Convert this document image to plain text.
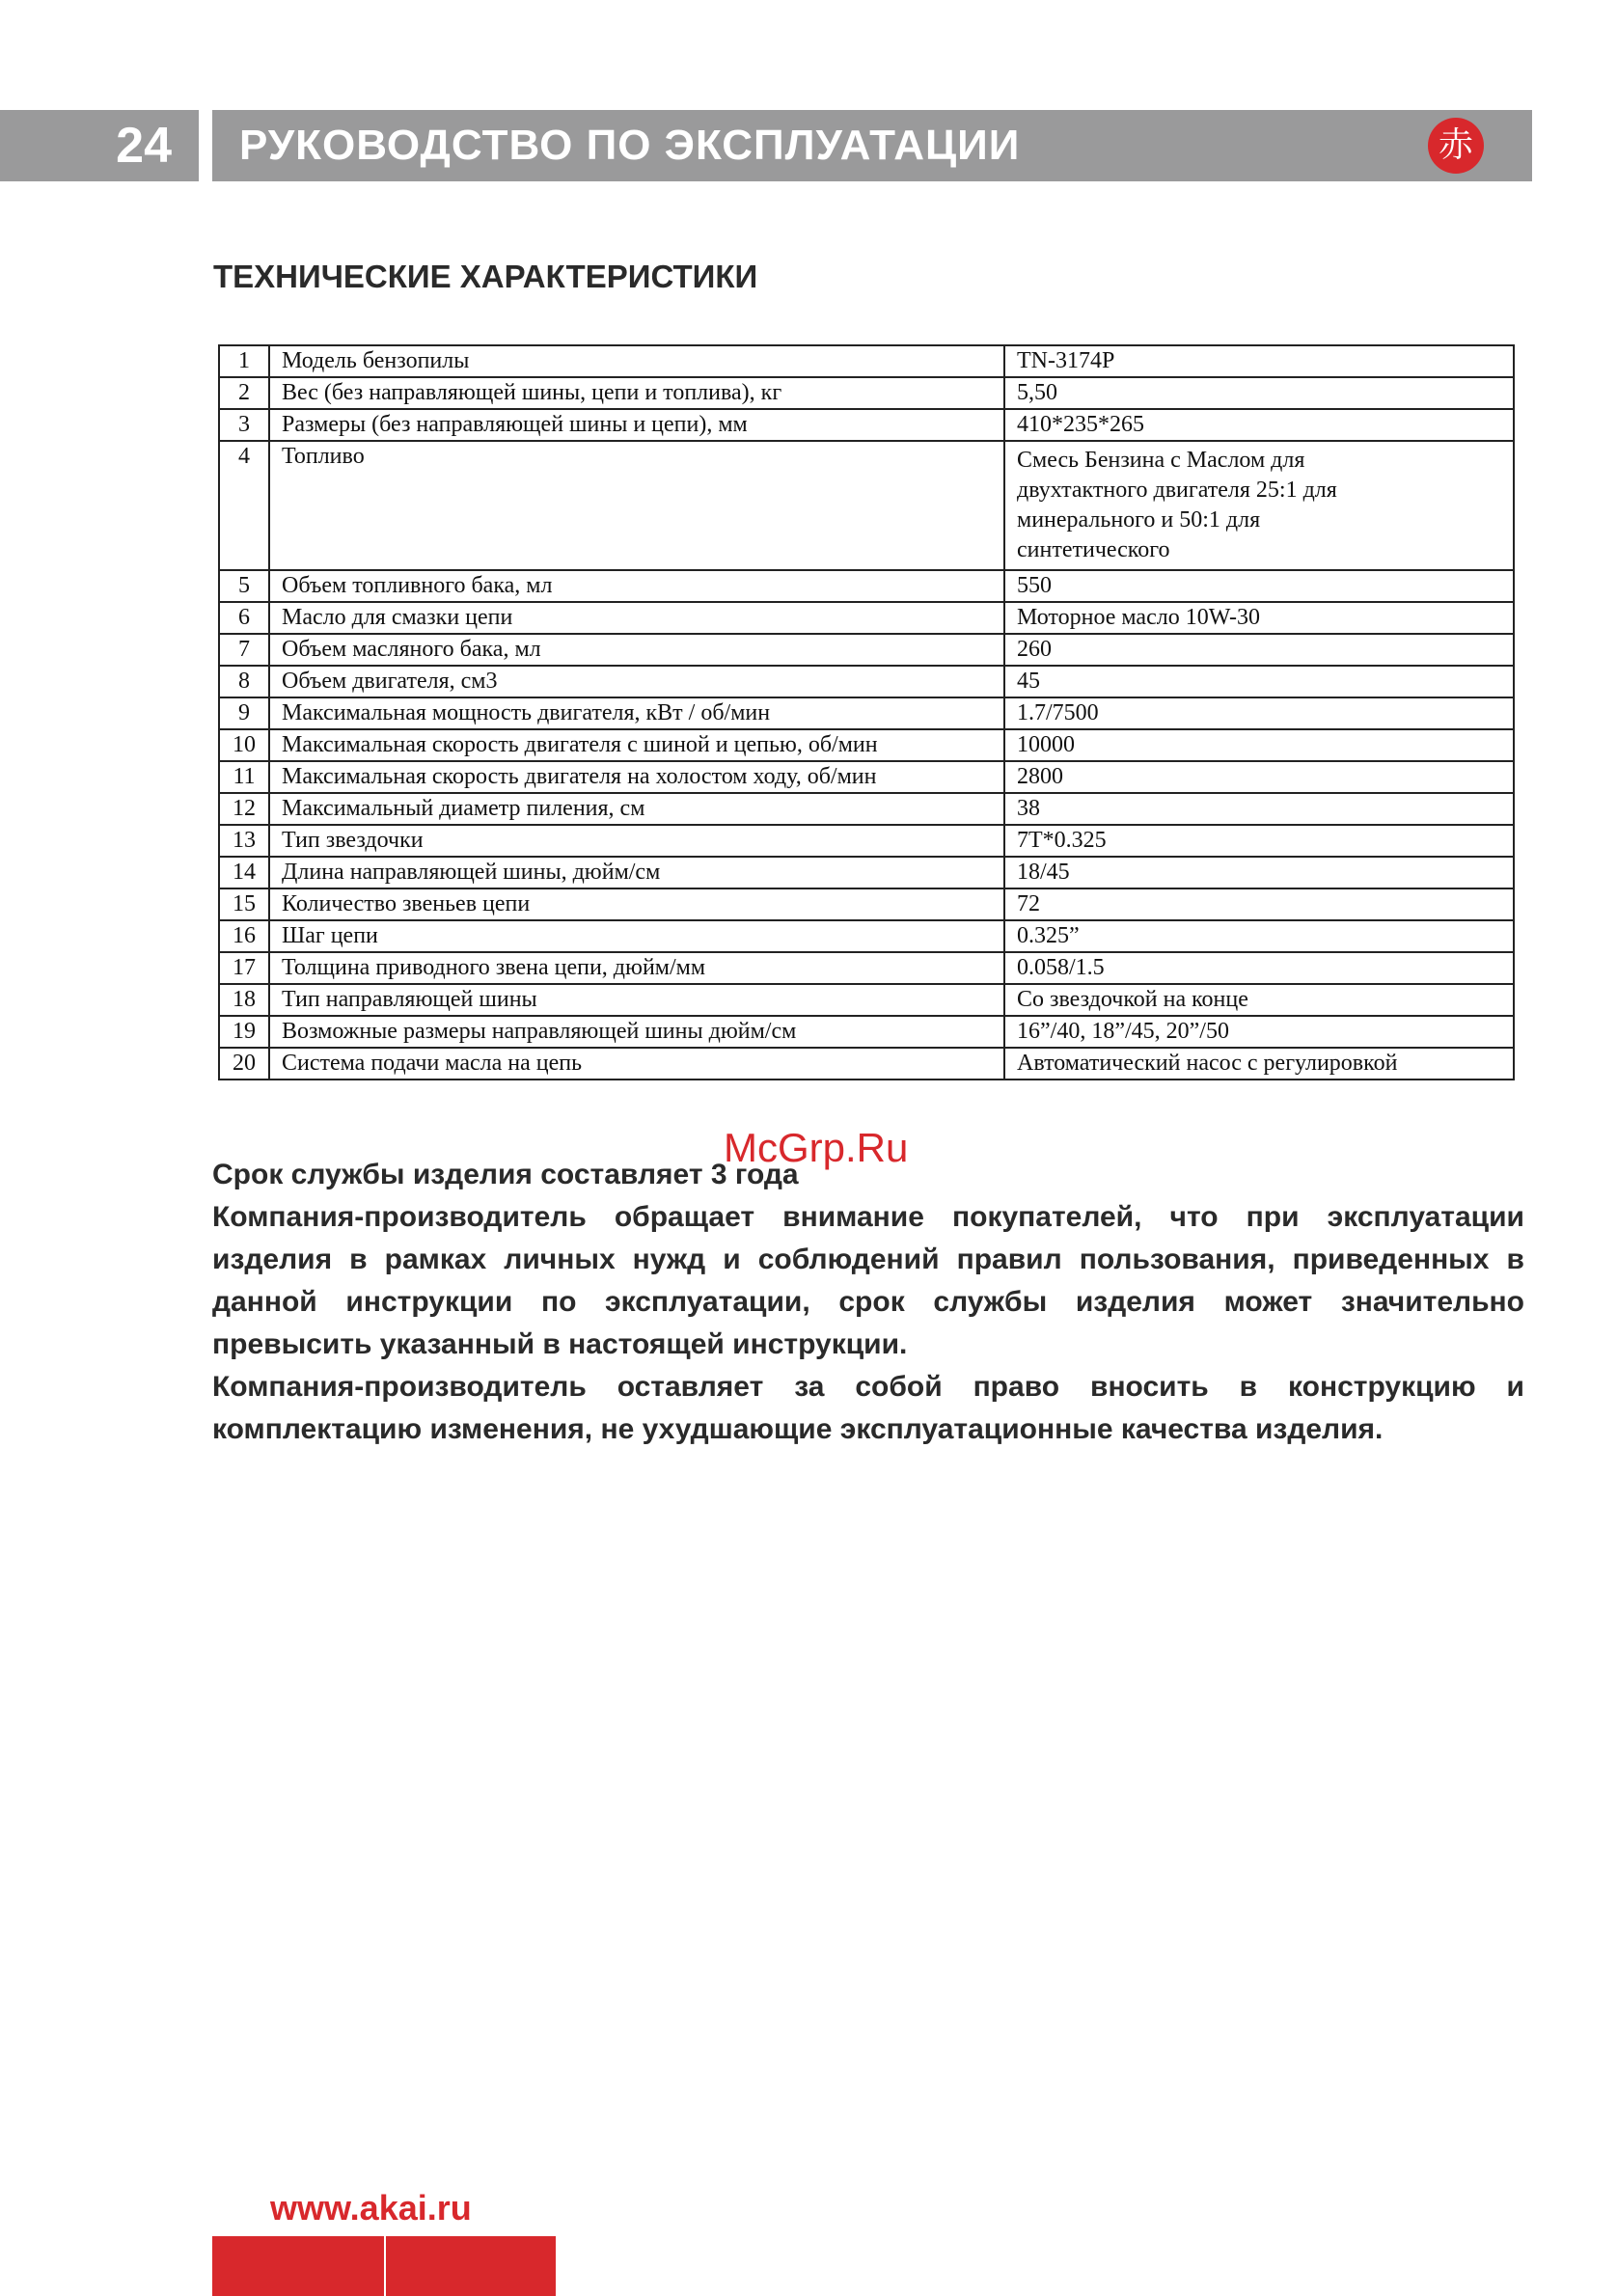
24	РУКОВОДСТВО ПО ЭКСПЛУАТАЦИИ	赤
ТЕХНИЧЕСКИЕ ХАРАКТЕРИСТИКИ
1	Модель бензопилы	TN-3174P
2	Вес (без направляющей шины, цепи и топлива), кг	5,50
3	Размеры (без направляющей шины и цепи), мм	410*235*265
4	Топливо	Смесь Бензина с Маслом для
двухтактного двигателя 25:1 для
минерального и 50:1 для
синтетического

5	Объем топливного бака, мл	550
6	Масло для смазки цепи	Моторное масло 10W-30
7	Объем масляного бака, мл	260
8	Объем двигателя, см3	45
9	Максимальная мощность двигателя, кВт / об/мин	1.7/7500
10	Максимальная скорость двигателя с шиной и цепью, об/мин	10000
11	Максимальная скорость двигателя на холостом ходу, об/мин	2800
12	Максимальный диаметр пиления, см	38
13	Тип звездочки	7T*0.325
14	Длина направляющей шины, дюйм/см	18/45
15	Количество звеньев цепи	72
16	Шаг цепи	0.325”
17	Толщина приводного звена цепи, дюйм/мм	0.058/1.5
18	Тип направляющей шины	Со звездочкой на конце
19	Возможные размеры направляющей шины дюйм/см	16”/40, 18”/45, 20”/50
20	Система подачи масла на цепь	Автоматический насос с регулировкой
McGrp.Ru

Срок службы изделия составляет 3 года

Компания-производитель обращает внимание покупателей, что при эксплуатации изделия в рамках личных нужд и соблюдений правил пользования, приведенных в данной инструкции по эксплуатации, срок службы изделия может значительно превысить указанный в настоящей инструкции.

Компания-производитель оставляет за собой право вносить в конструкцию и комплектацию изменения, не ухудшающие эксплуатационные качества изделия.

www.akai.ru
